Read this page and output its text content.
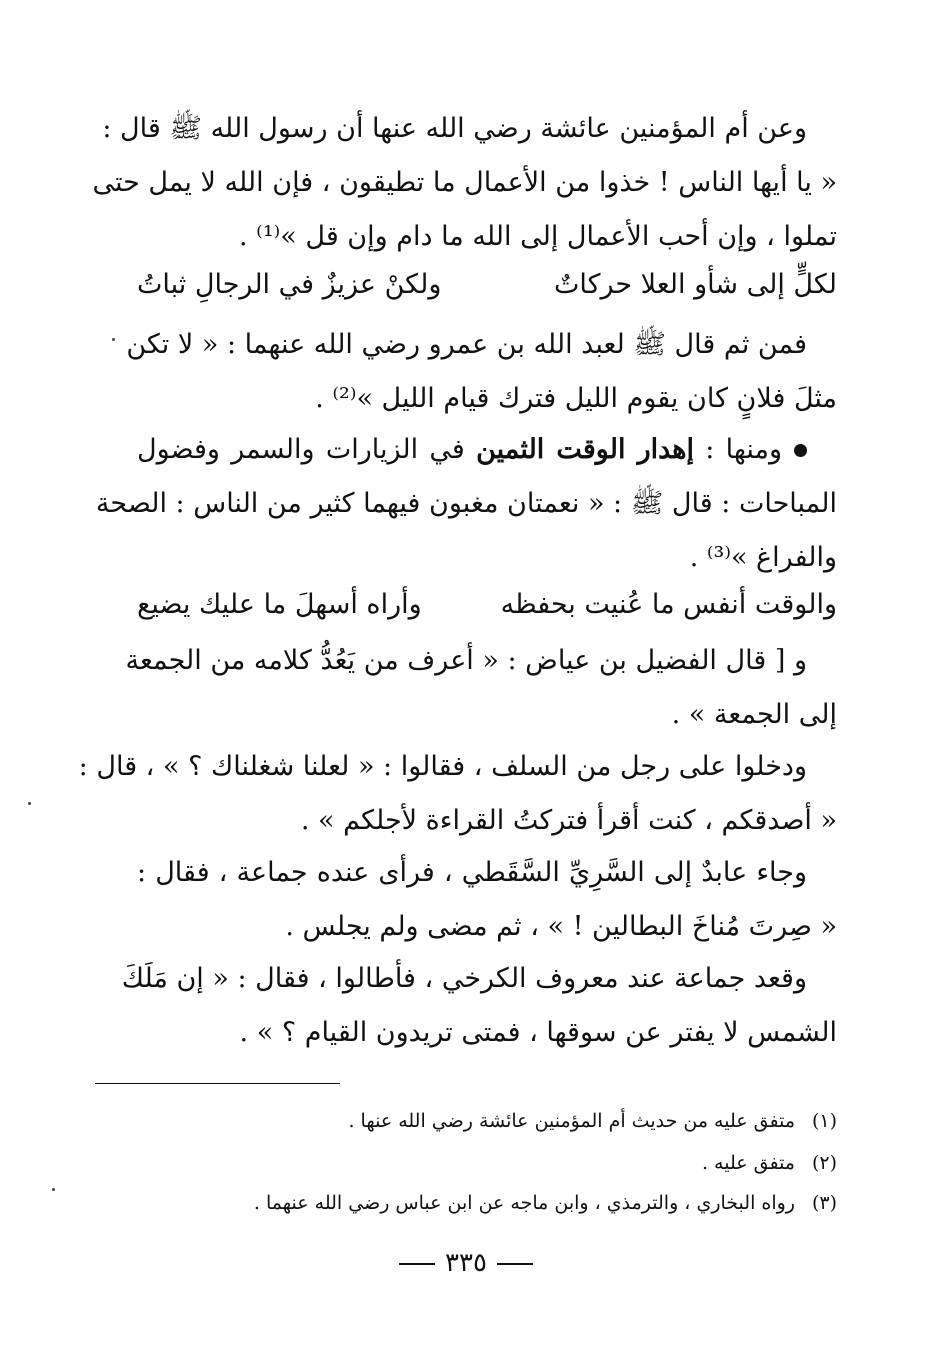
وعن أم المؤمنين عائشة رضي الله عنها أن رسول الله ﷺ قال :
« يا أيها الناس ! خذوا من الأعمال ما تطيقون ، فإن الله لا يمل حتى
تملوا ، وإن أحب الأعمال إلى الله ما دام وإن قل »⁽¹⁾ .
لكلٍّ إلى شأو العلا حركاتٌ
ولكنْ عزيزٌ في الرجالِ ثباتُ
فمن ثم قال ﷺ لعبد الله بن عمرو رضي الله عنهما : « لا تكن
مثلَ فلانٍ كان يقوم الليل فترك قيام الليل »⁽²⁾ .
ومنها : إهدار الوقت الثمين في الزيارات والسمر وفضول
المباحات : قال ﷺ : « نعمتان مغبون فيهما كثير من الناس : الصحة
والفراغ »⁽³⁾ .
والوقت أنفس ما عُنيت بحفظه
وأراه أسهلَ ما عليك يضيع
و [ قال الفضيل بن عياض : « أعرف من يَعُدُّ كلامه من الجمعة
إلى الجمعة » .
ودخلوا على رجل من السلف ، فقالوا : « لعلنا شغلناك ؟ » ، قال :
« أصدقكم ، كنت أقرأ فتركتُ القراءة لأجلكم » .
وجاء عابدٌ إلى السَّرِيِّ السَّقَطي ، فرأى عنده جماعة ، فقال :
« صِرتَ مُناخَ البطالين ! » ، ثم مضى ولم يجلس .
وقعد جماعة عند معروف الكرخي ، فأطالوا ، فقال : « إن مَلَكَ
الشمس لا يفتر عن سوقها ، فمتى تريدون القيام ؟ » .
(١)متفق عليه من حديث أم المؤمنين عائشة رضي الله عنها .
(٢)متفق عليه .
(٣)رواه البخاري ، والترمذي ، وابن ماجه عن ابن عباس رضي الله عنهما .
٣٣٥
